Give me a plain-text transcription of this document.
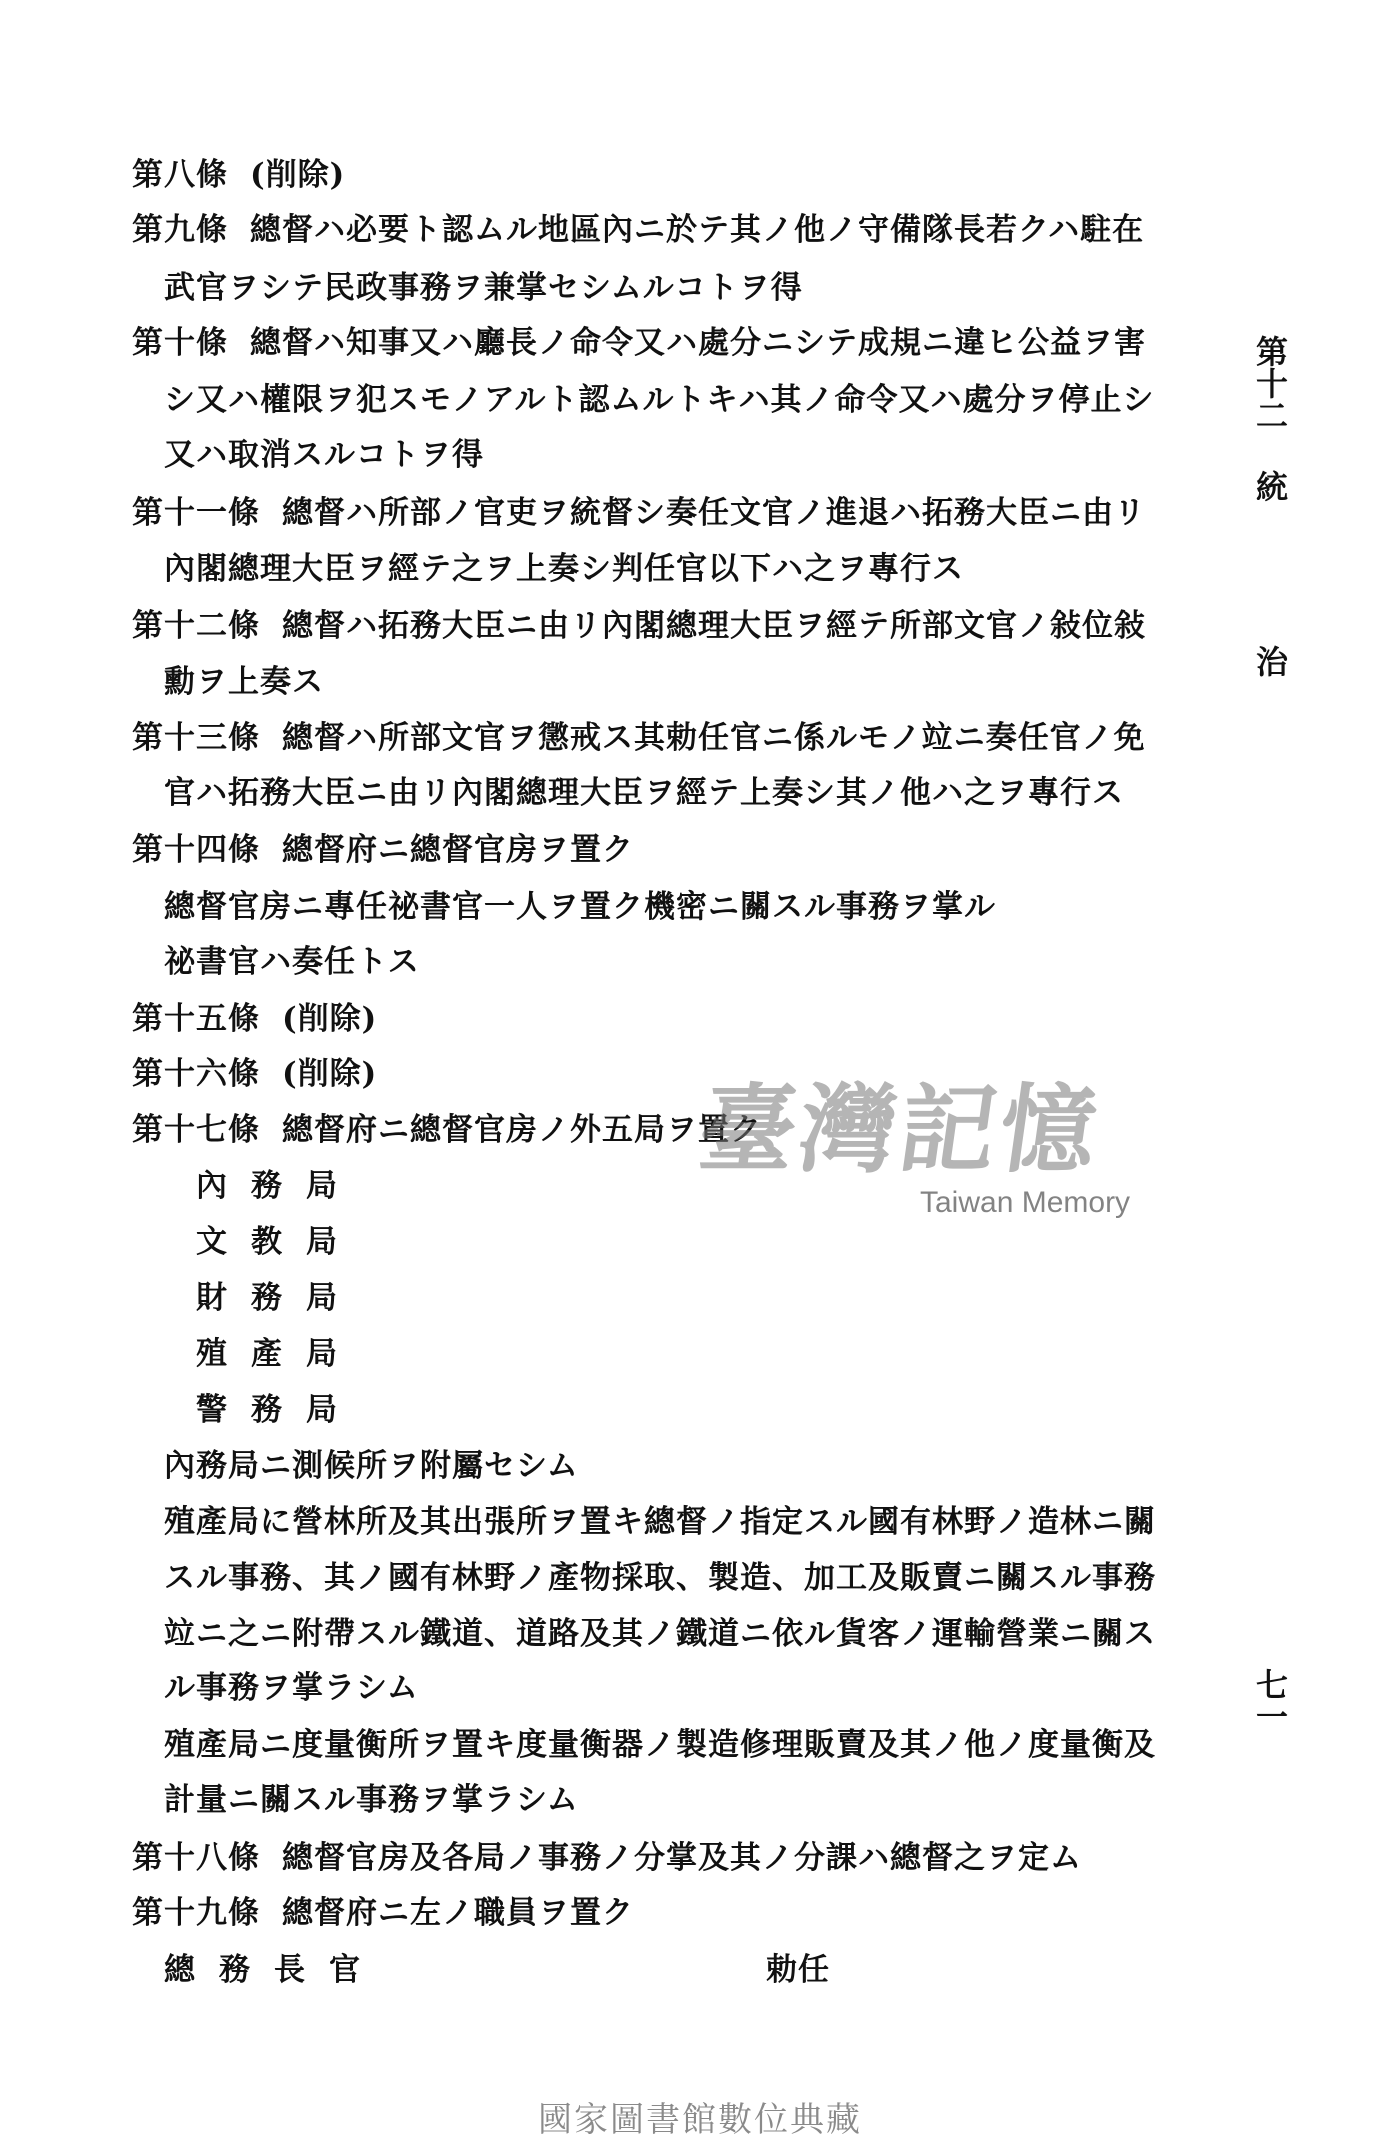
第八條 (削除)
第九條 總督ハ必要ト認ムル地區內ニ於テ其ノ他ノ守備隊長若クハ駐在
武官ヲシテ民政事務ヲ兼掌セシムルコトヲ得
第十條 總督ハ知事又ハ廳長ノ命令又ハ處分ニシテ成規ニ違ヒ公益ヲ害
シ又ハ權限ヲ犯スモノアルト認ムルトキハ其ノ命令又ハ處分ヲ停止シ
又ハ取消スルコトヲ得
第十一條 總督ハ所部ノ官吏ヲ統督シ奏任文官ノ進退ハ拓務大臣ニ由リ
內閣總理大臣ヲ經テ之ヲ上奏シ判任官以下ハ之ヲ專行ス
第十二條 總督ハ拓務大臣ニ由リ內閣總理大臣ヲ經テ所部文官ノ敍位敍
勳ヲ上奏ス
第十三條 總督ハ所部文官ヲ懲戒ス其勅任官ニ係ルモノ竝ニ奏任官ノ免
官ハ拓務大臣ニ由リ內閣總理大臣ヲ經テ上奏シ其ノ他ハ之ヲ專行ス
第十四條 總督府ニ總督官房ヲ置ク
總督官房ニ專任祕書官一人ヲ置ク機密ニ關スル事務ヲ掌ル
祕書官ハ奏任トス
第十五條 (削除)
第十六條 (削除)
第十七條 總督府ニ總督官房ノ外五局ヲ置ク
內務局
文教局
財務局
殖產局
警務局
內務局ニ測候所ヲ附屬セシム
殖產局に營林所及其出張所ヲ置キ總督ノ指定スル國有林野ノ造林ニ關
スル事務、其ノ國有林野ノ產物採取、製造、加工及販賣ニ關スル事務
竝ニ之ニ附帶スル鐵道、道路及其ノ鐵道ニ依ル貨客ノ運輸營業ニ關ス
ル事務ヲ掌ラシム
殖產局ニ度量衡所ヲ置キ度量衡器ノ製造修理販賣及其ノ他ノ度量衡及
計量ニ關スル事務ヲ掌ラシム
第十八條 總督官房及各局ノ事務ノ分掌及其ノ分課ハ總督之ヲ定ム
第十九條 總督府ニ左ノ職員ヲ置ク
總務長官	勅任
第十二
統
治
七一
臺灣記憶
Taiwan Memory
國家圖書館數位典藏
